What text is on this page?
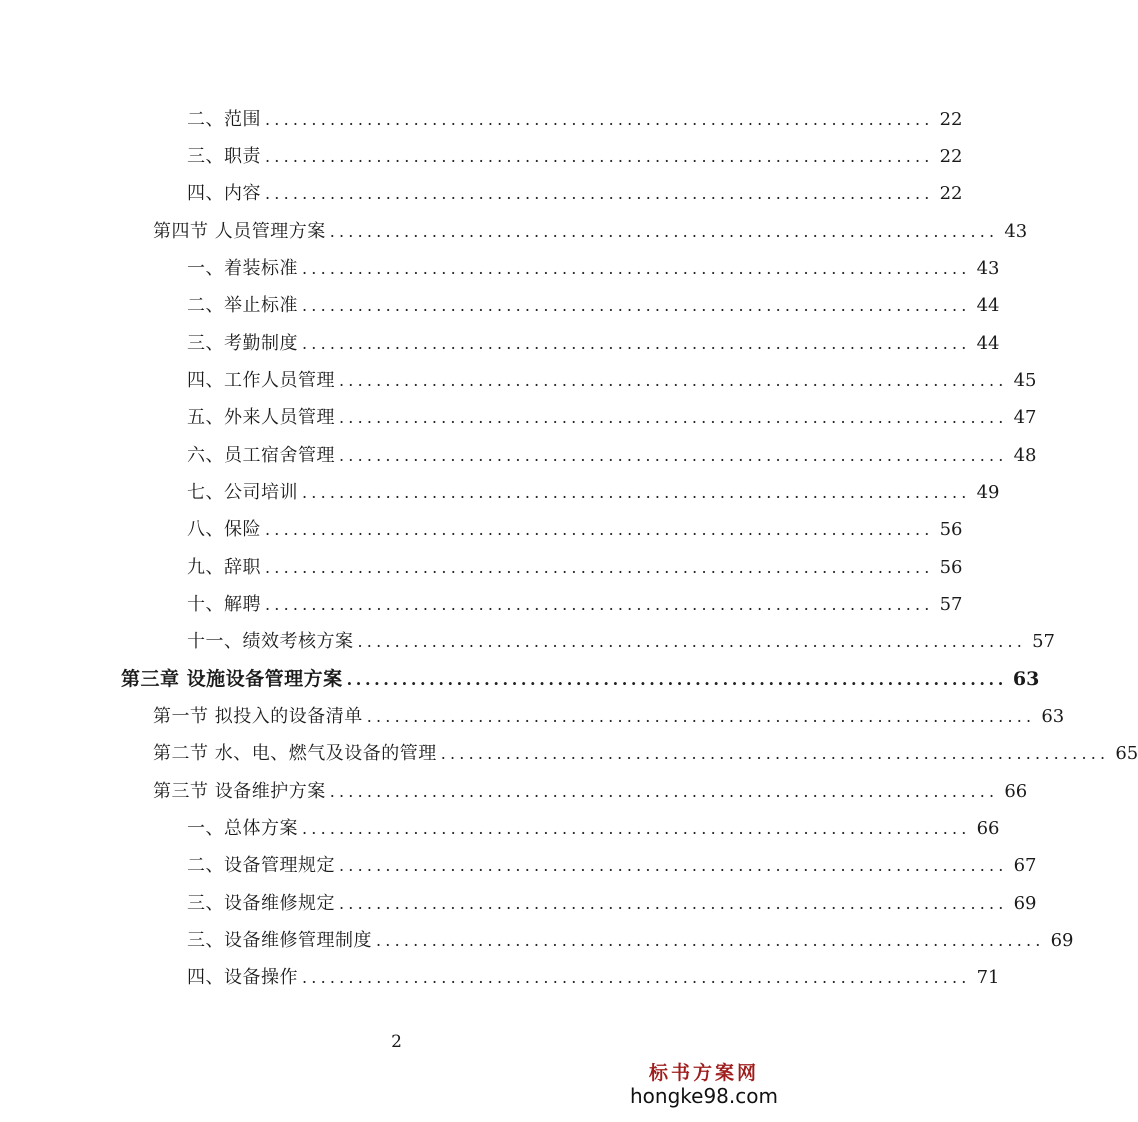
二、范围 ........................................................................ 22
三、职责 ........................................................................ 22
四、内容 ........................................................................ 22
第四节 人员管理方案 ........................................................................ 43
一、着装标准 ........................................................................ 43
二、举止标准 ........................................................................ 44
三、考勤制度 ........................................................................ 44
四、工作人员管理 ........................................................................ 45
五、外来人员管理 ........................................................................ 47
六、员工宿舍管理 ........................................................................ 48
七、公司培训 ........................................................................ 49
八、保险 ........................................................................ 56
九、辞职 ........................................................................ 56
十、解聘 ........................................................................ 57
十一、绩效考核方案 ........................................................................ 57
第三章 设施设备管理方案 ........................................................................ 63
第一节 拟投入的设备清单 ........................................................................ 63
第二节 水、电、燃气及设备的管理 ........................................................................ 65
第三节 设备维护方案 ........................................................................ 66
一、总体方案 ........................................................................ 66
二、设备管理规定 ........................................................................ 67
三、设备维修规定 ........................................................................ 69
三、设备维修管理制度 ........................................................................ 69
四、设备操作 ........................................................................ 71
2
标书方案网
hongke98.com
